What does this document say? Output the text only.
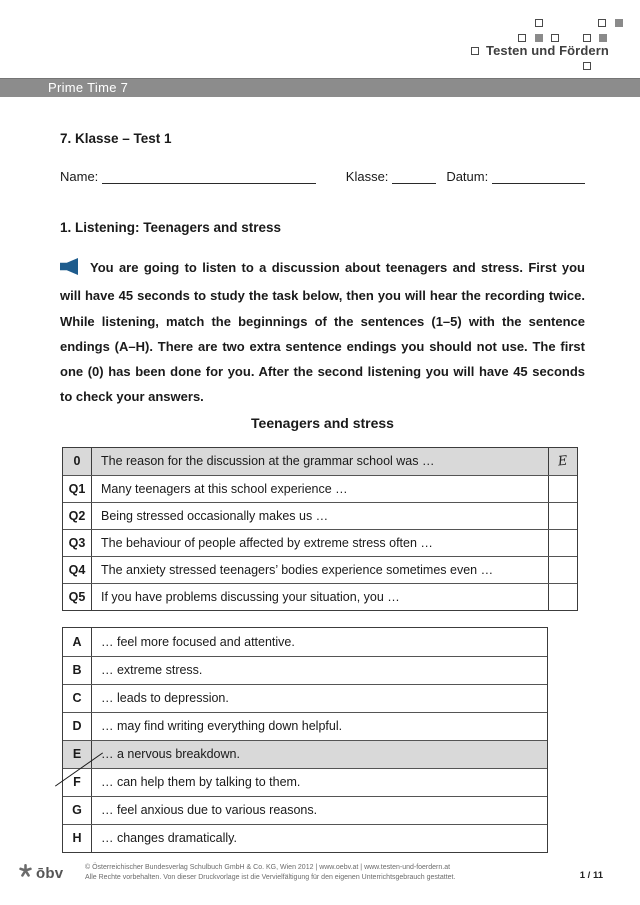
Testen und Fördern
Prime Time 7
7. Klasse – Test 1
Name:	Klasse:	Datum:
1. Listening: Teenagers and stress

You are going to listen to a discussion about teenagers and stress. First you will have 45 seconds to study the task below, then you will hear the recording twice. While listening, match the beginnings of the sentences (1–5) with the sentence endings (A–H). There are two extra sentence endings you should not use. The first one (0) has been done for you. After the second listening you will have 45 seconds to check your answers.

Teenagers and stress
0	The reason for the discussion at the grammar school was …	E
Q1	Many teenagers at this school experience …
Q2	Being stressed occasionally makes us …
Q3	The behaviour of people affected by extreme stress often …
Q4	The anxiety stressed teenagers’ bodies experience sometimes even …
Q5	If you have problems discussing your situation, you …
A	… feel more focused and attentive.
B	… extreme stress.
C	… leads to depression.
D	… may find writing everything down helpful.
E	… a nervous breakdown.
F	… can help them by talking to them.
G	… feel anxious due to various reasons.
H	… changes dramatically.
ōbv	© Österreichischer Bundesverlag Schulbuch GmbH & Co. KG, Wien 2012 | www.oebv.at | www.testen-und-foerdern.at
Alle Rechte vorbehalten. Von dieser Druckvorlage ist die Vervielfältigung für den eigenen Unterrichtsgebrauch gestattet.	1 / 11
